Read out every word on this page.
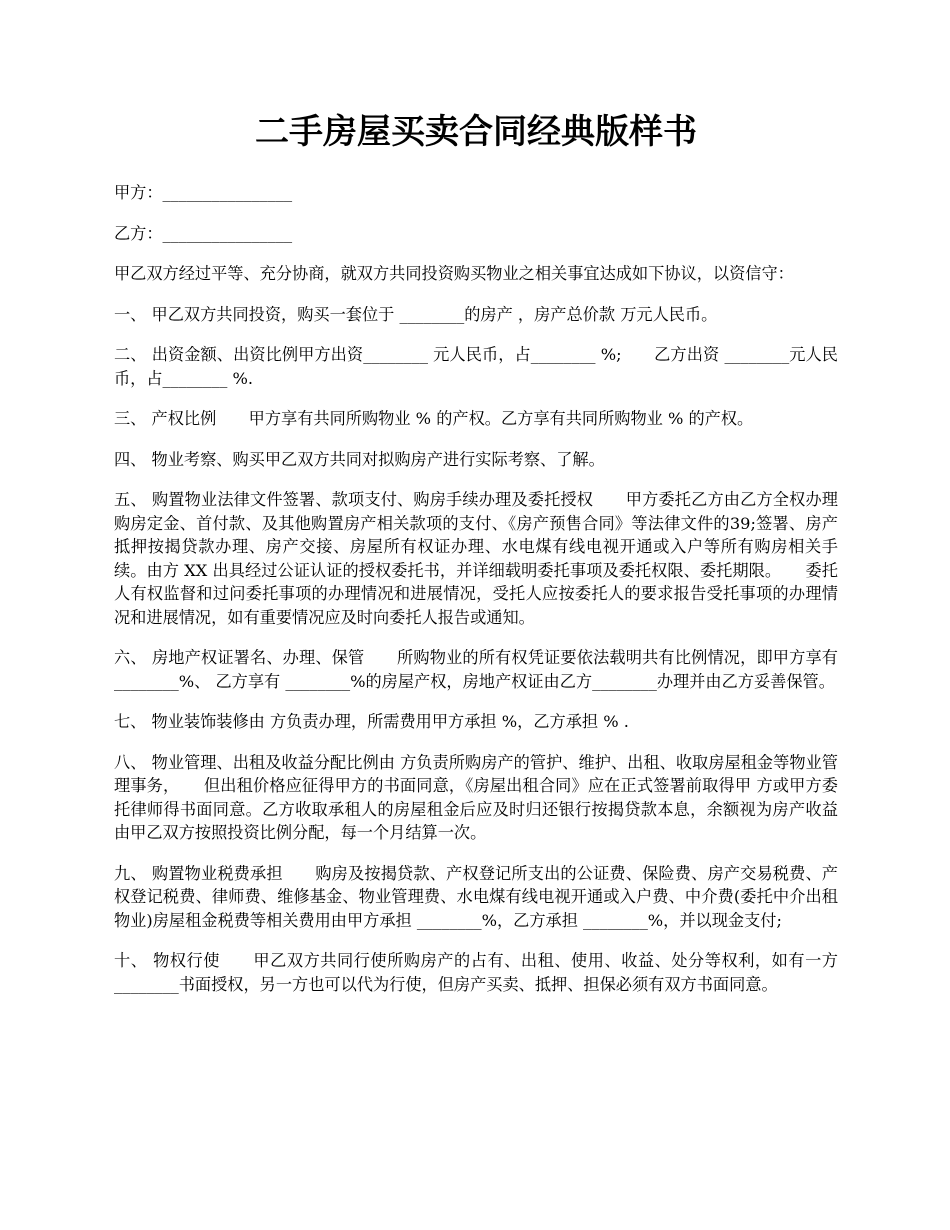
二手房屋买卖合同经典版样书

甲方：________________

乙方：________________

甲乙双方经过平等、充分协商，就双方共同投资购买物业之相关事宜达成如下协议，以资信守：

一、 甲乙双方共同投资，购买一套位于 ________的房产 ，房产总价款 万元人民币。

二、 出资金额、出资比例甲方出资________ 元人民币，占________ %;　　乙方出资 ________元人民币，占________ %.

三、 产权比例　　甲方享有共同所购物业 % 的产权。乙方享有共同所购物业 % 的产权。

四、 物业考察、购买甲乙双方共同对拟购房产进行实际考察、了解。

五、 购置物业法律文件签署、款项支付、购房手续办理及委托授权　　甲方委托乙方由乙方全权办理购房定金、首付款、及其他购置房产相关款项的支付、《房产预售合同》等法律文件的39;签署、房产抵押按揭贷款办理、房产交接、房屋所有权证办理、水电煤有线电视开通或入户等所有购房相关手续。由方 XX 出具经过公证认证的授权委托书，并详细载明委托事项及委托权限、委托期限。　　委托人有权监督和过问委托事项的办理情况和进展情况，受托人应按委托人的要求报告受托事项的办理情况和进展情况，如有重要情况应及时向委托人报告或通知。

六、 房地产权证署名、办理、保管　　所购物业的所有权凭证要依法载明共有比例情况，即甲方享有 ________%、 乙方享有 ________%的房屋产权，房地产权证由乙方________办理并由乙方妥善保管。

七、 物业装饰装修由 方负责办理，所需费用甲方承担 %，乙方承担 % .

八、 物业管理、出租及收益分配比例由 方负责所购房产的管护、维护、出租、收取房屋租金等物业管理事务，　　但出租价格应征得甲方的书面同意，《房屋出租合同》应在正式签署前取得甲 方或甲方委托律师得书面同意。乙方收取承租人的房屋租金后应及时归还银行按揭贷款本息，余额视为房产收益由甲乙双方按照投资比例分配，每一个月结算一次。

九、 购置物业税费承担　　购房及按揭贷款、产权登记所支出的公证费、保险费、房产交易税费、产权登记税费、律师费、维修基金、物业管理费、水电煤有线电视开通或入户费、中介费(委托中介出租物业)房屋租金税费等相关费用由甲方承担 ________%，乙方承担 ________%，并以现金支付;

十、 物权行使　　甲乙双方共同行使所购房产的占有、出租、使用、收益、处分等权利，如有一方________书面授权，另一方也可以代为行使，但房产买卖、抵押、担保必须有双方书面同意。
